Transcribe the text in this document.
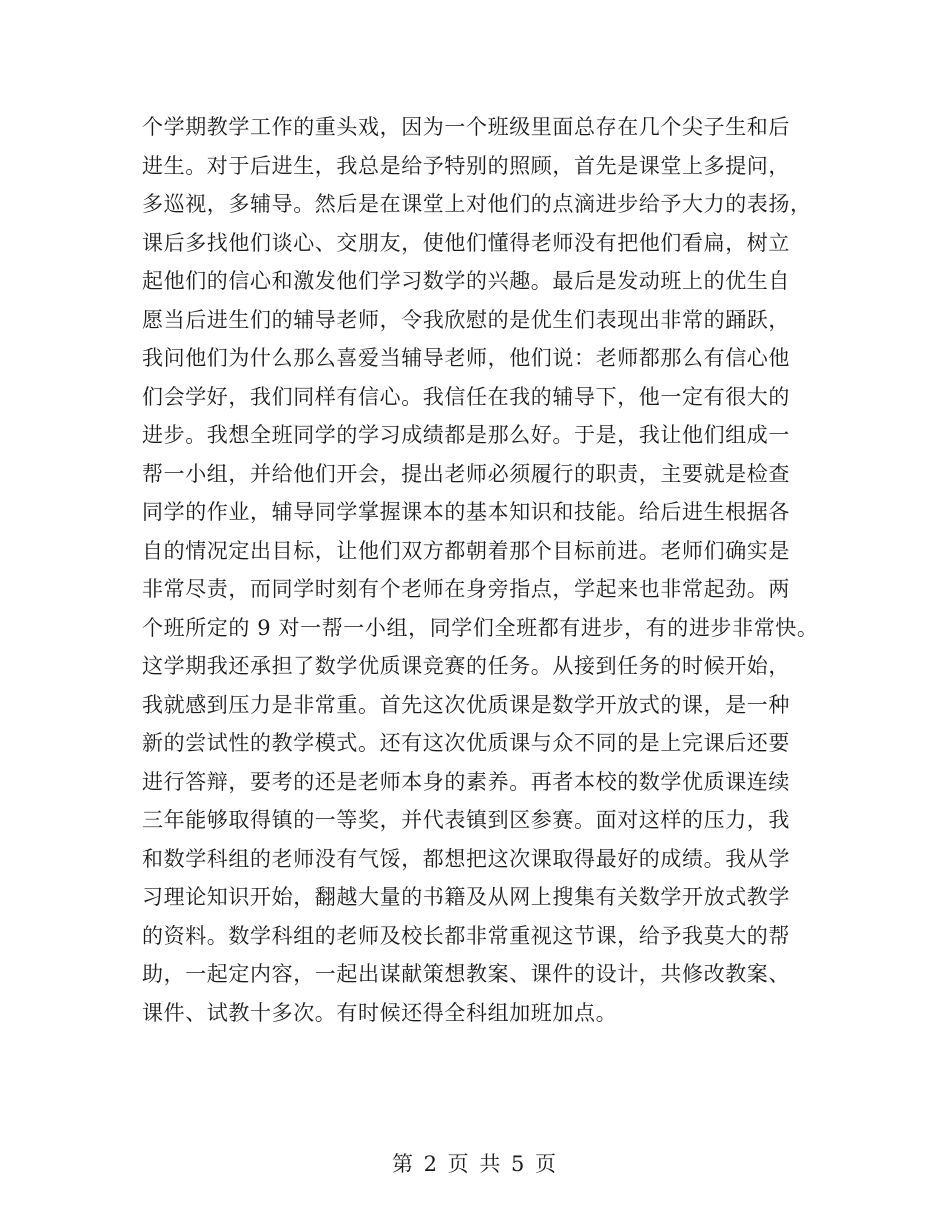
个学期教学工作的重头戏，因为一个班级里面总存在几个尖子生和后
进生。对于后进生，我总是给予特别的照顾，首先是课堂上多提问，
多巡视，多辅导。然后是在课堂上对他们的点滴进步给予大力的表扬，
课后多找他们谈心、交朋友，使他们懂得老师没有把他们看扁，树立
起他们的信心和激发他们学习数学的兴趣。最后是发动班上的优生自
愿当后进生们的辅导老师，令我欣慰的是优生们表现出非常的踊跃，
我问他们为什么那么喜爱当辅导老师，他们说：老师都那么有信心他
们会学好，我们同样有信心。我信任在我的辅导下，他一定有很大的
进步。我想全班同学的学习成绩都是那么好。于是，我让他们组成一
帮一小组，并给他们开会，提出老师必须履行的职责，主要就是检查
同学的作业，辅导同学掌握课本的基本知识和技能。给后进生根据各
自的情况定出目标，让他们双方都朝着那个目标前进。老师们确实是
非常尽责，而同学时刻有个老师在身旁指点，学起来也非常起劲。两
个班所定的 9 对一帮一小组，同学们全班都有进步，有的进步非常快。
这学期我还承担了数学优质课竞赛的任务。从接到任务的时候开始，
我就感到压力是非常重。首先这次优质课是数学开放式的课，是一种
新的尝试性的教学模式。还有这次优质课与众不同的是上完课后还要
进行答辩，要考的还是老师本身的素养。再者本校的数学优质课连续
三年能够取得镇的一等奖，并代表镇到区参赛。面对这样的压力，我
和数学科组的老师没有气馁，都想把这次课取得最好的成绩。我从学
习理论知识开始，翻越大量的书籍及从网上搜集有关数学开放式教学
的资料。数学科组的老师及校长都非常重视这节课，给予我莫大的帮
助，一起定内容，一起出谋献策想教案、课件的设计，共修改教案、
课件、试教十多次。有时候还得全科组加班加点。
第 2 页 共 5 页
